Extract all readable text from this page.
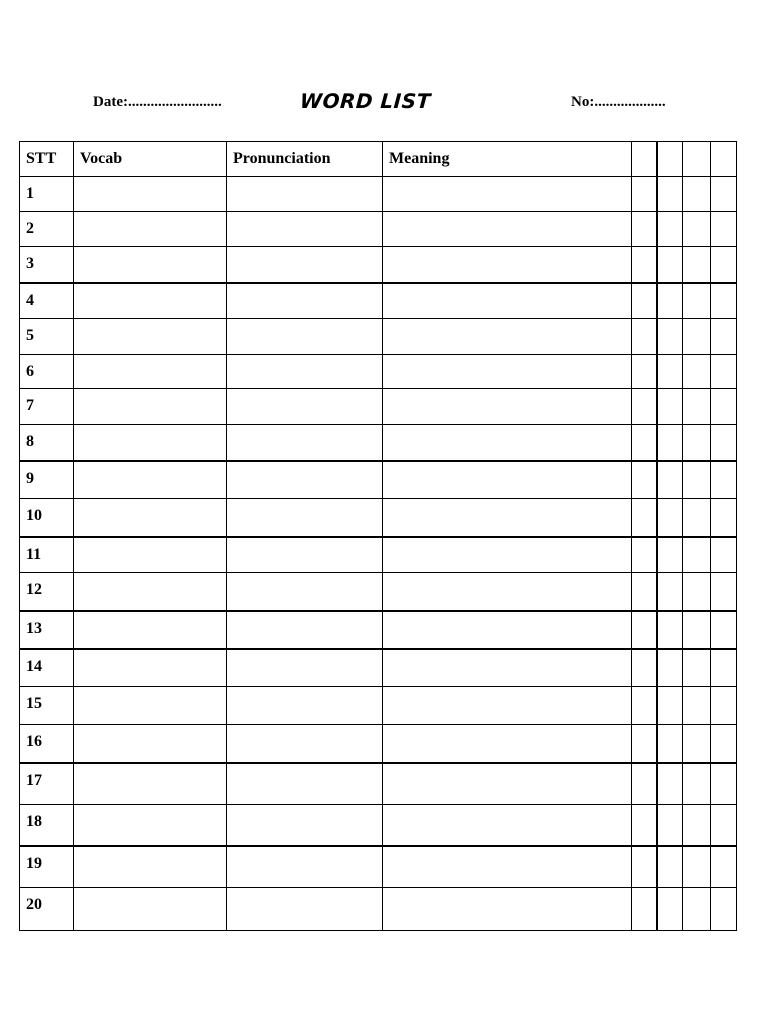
Date:.........................	WORD LIST	No:...................
STT	Vocab	Pronunciation	Meaning				
1							
2							
3							
4							
5							
6							
7							
8							
9							
10							
11							
12							
13							
14							
15							
16							
17							
18							
19							
20							
